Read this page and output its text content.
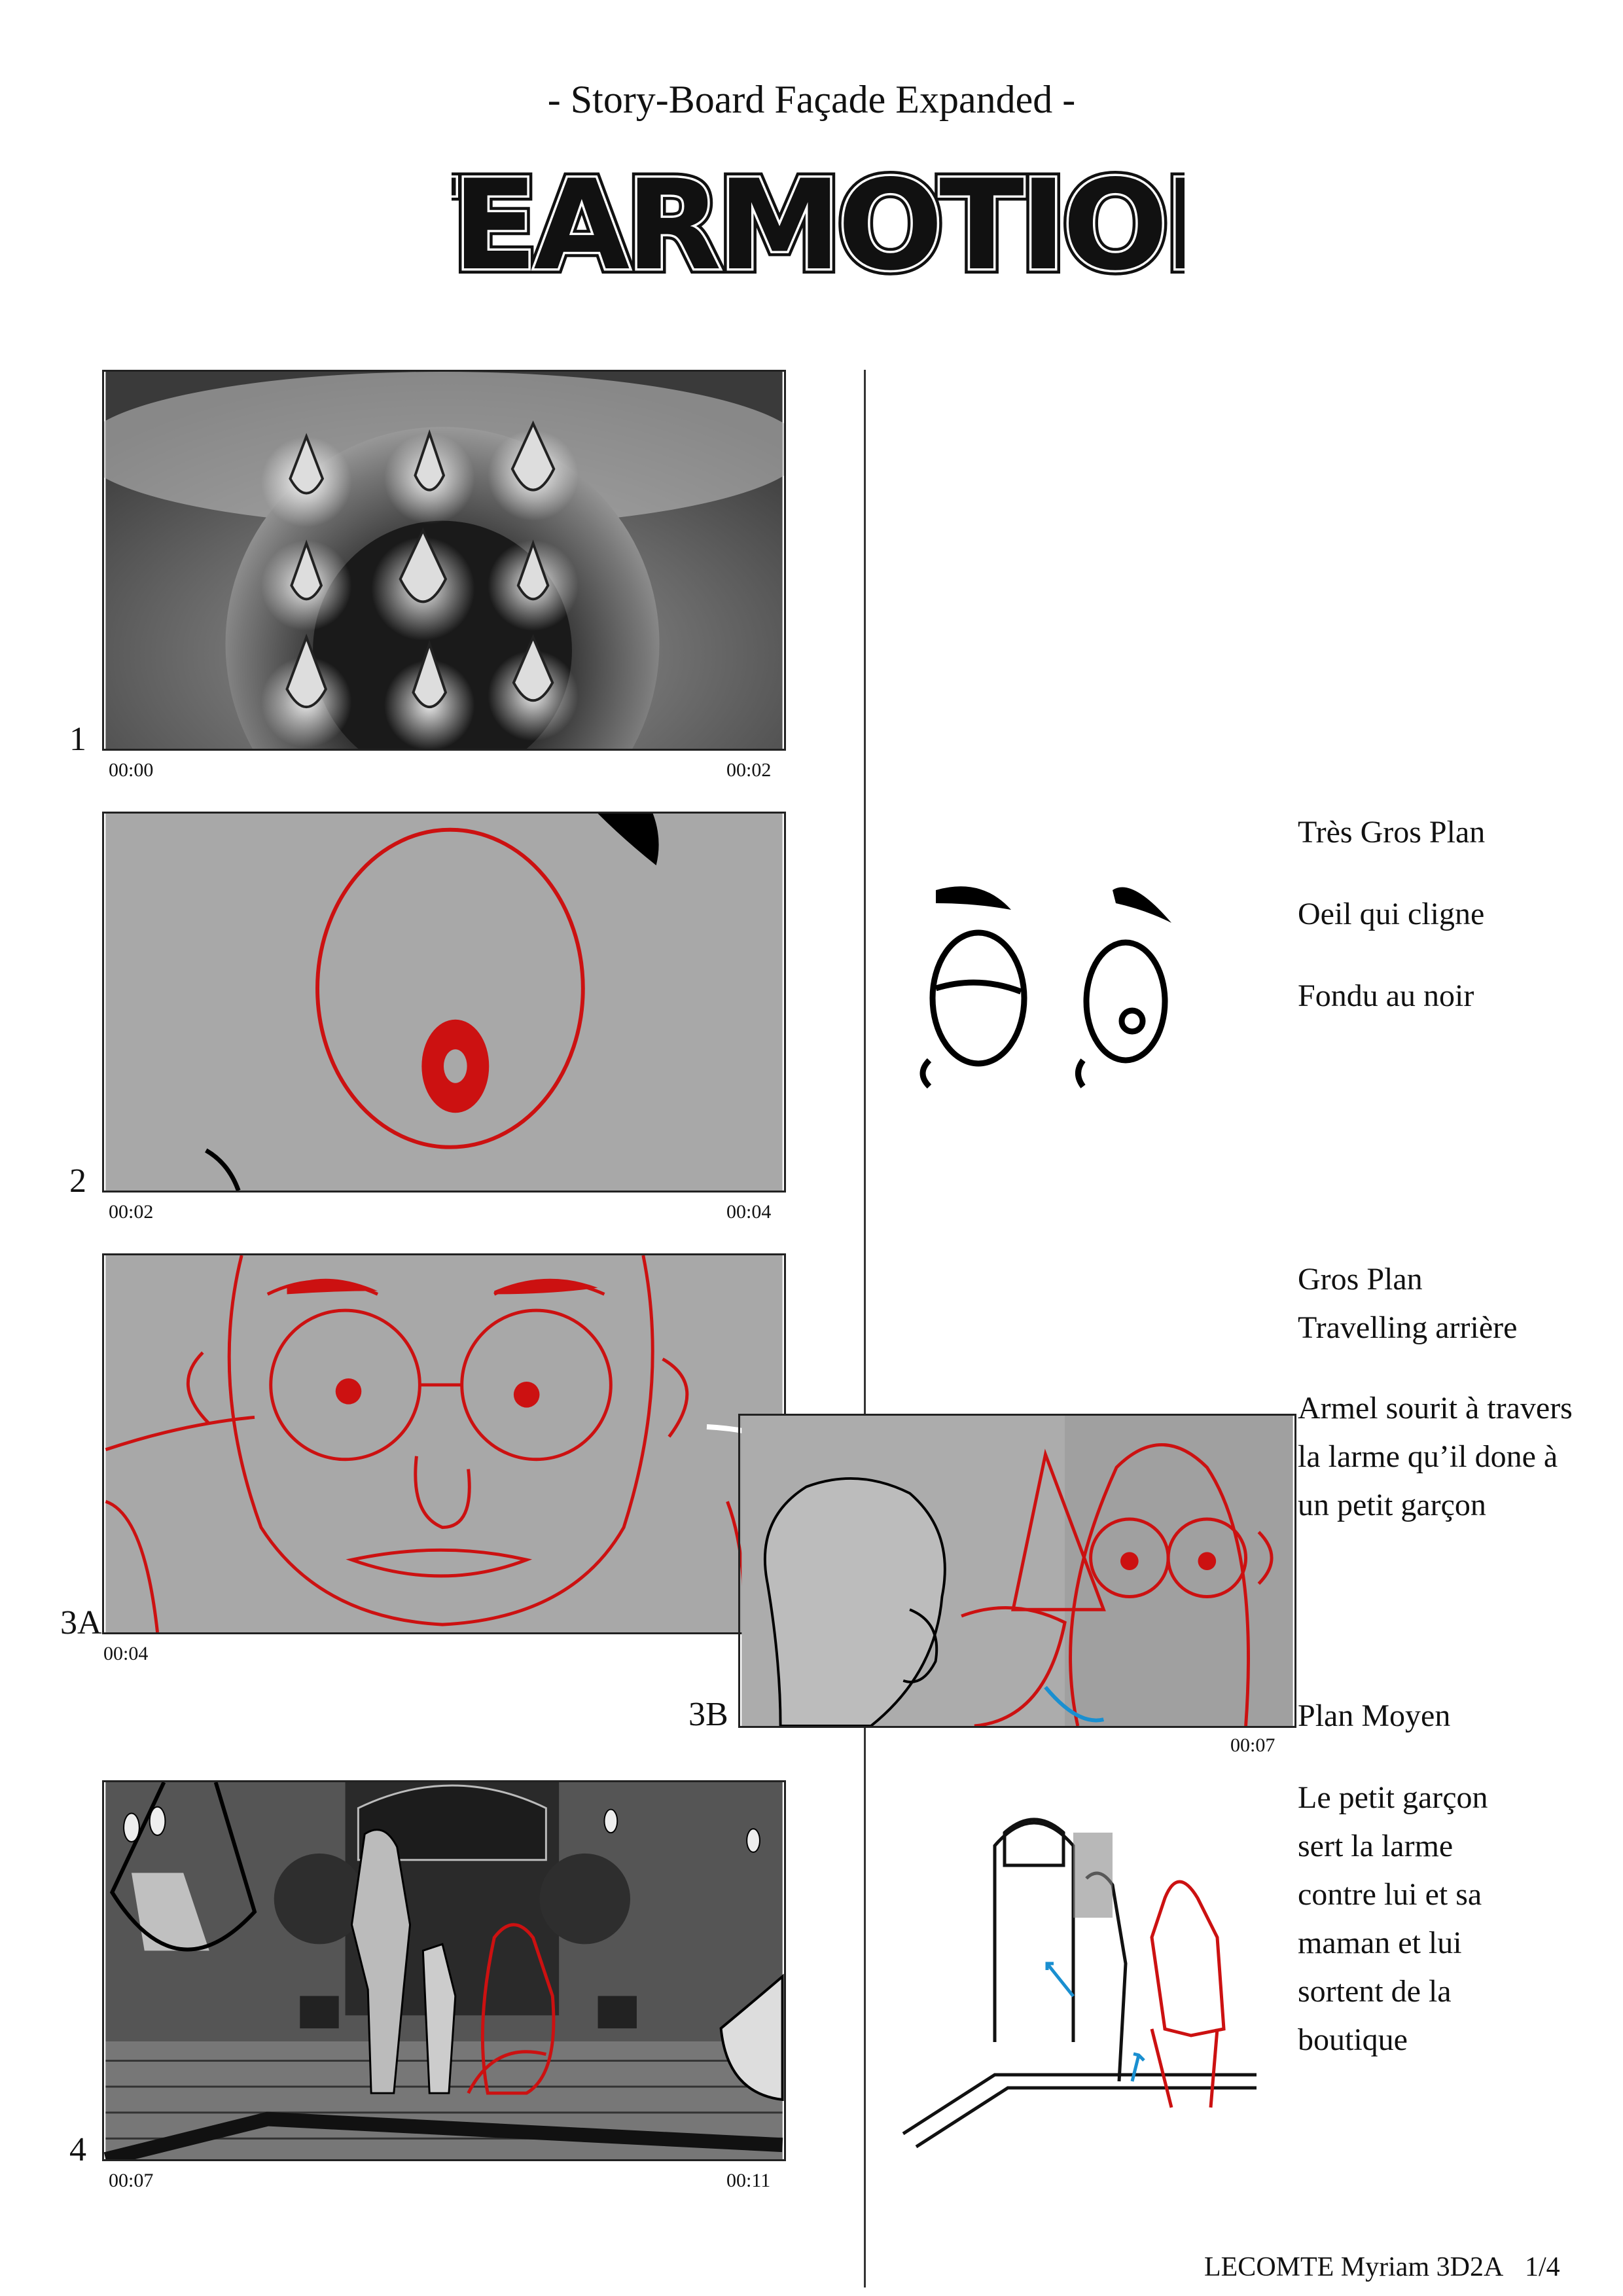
- Story-Board Façade Expanded -
EARMOTIO
EARMOTIO
EARMOTIO
1
00:00	00:02
2
00:02	00:04
3A
00:04
3B
00:07
4
00:07	00:11
Très Gros Plan
Oeil qui cligne
Fondu au noir
Gros Plan
Travelling arrière
Armel sourit à travers
la larme qu’il done à
un petit garçon
Plan Moyen
Le petit garçon
sert la larme
contre lui et sa
maman et lui
sortent de la
boutique
LECOMTE Myriam 3D2A 1/4
